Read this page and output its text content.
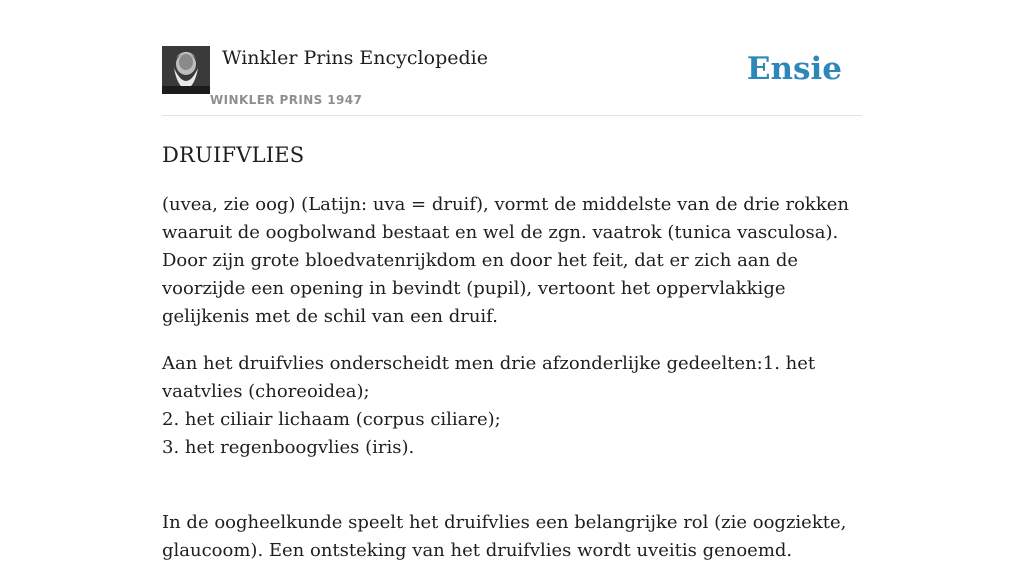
Winkler Prins Encyclopedie
WINKLER PRINS 1947
Ensie
DRUIFVLIES

(uvea, zie oog) (Latijn: uva = druif), vormt de middelste van de drie rokken waaruit de oogbolwand bestaat en wel de zgn. vaatrok (tunica vasculosa). Door zijn grote bloedvatenrijkdom en door het feit, dat er zich aan de voorzijde een opening in bevindt (pupil), vertoont het oppervlakkige gelijkenis met de schil van een druif.

Aan het druifvlies onderscheidt men drie afzonderlijke gedeelten:1. het vaatvlies (choreoidea);
2. het ciliair lichaam (corpus ciliare);
3. het regenboogvlies (iris).

In de oogheelkunde speelt het druifvlies een belangrijke rol (zie oogziekte, glaucoom). Een ontsteking van het druifvlies wordt uveitis genoemd.
